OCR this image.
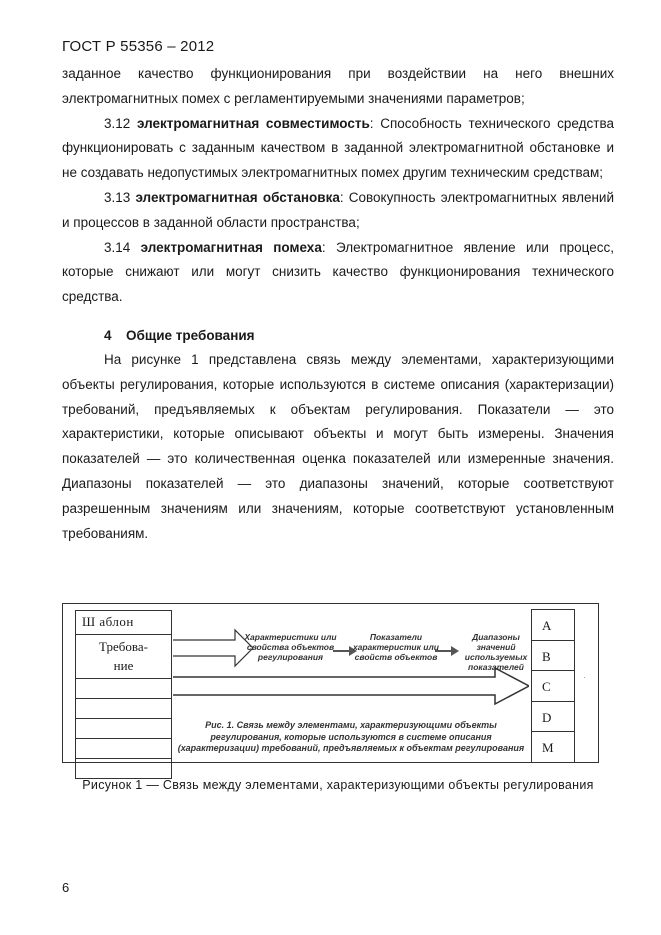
ГОСТ Р 55356 – 2012

заданное качество функционирования при воздействии на него внешних электромагнитных помех с регламентируемыми значениями параметров;

3.12 электромагнитная совместимость: Способность технического средства функционировать с заданным качеством в заданной электромагнитной обстановке и не создавать недопустимых электромагнитных помех другим техническим средствам;

3.13 электромагнитная обстановка: Совокупность электромагнитных явлений и процессов в заданной области пространства;

3.14 электромагнитная помеха: Электромагнитное явление или процесс, которые снижают или могут снизить качество функционирования технического средства.

4 Общие требования

На рисунке 1 представлена связь между элементами, характеризующими объекты регулирования, которые используются в системе описания (характеризации) требований, предъявляемых к объектам регулирования. Показатели — это характеристики, которые описывают объекты и могут быть измерены. Значения показателей — это количественная оценка показателей или измеренные значения. Диапазоны показателей — это диапазоны значений, которые соответствуют разрешенным значениям или значениям, которые соответствуют установленным требованиям.

Ш аблон
Требова-
ние
Характеристики или свойства объектов регулирования
Показатели характеристик или свойств объектов
Диапазоны значений используемых показателей
Рис. 1. Связь между элементами, характеризующими объекты регулирования, которые используются в системе описания (характеризации) требований, предъявляемых к объектам регулирования
A
B
C
D
M
·
Рисунок 1 — Связь между элементами, характеризующими объекты регулирования
6
